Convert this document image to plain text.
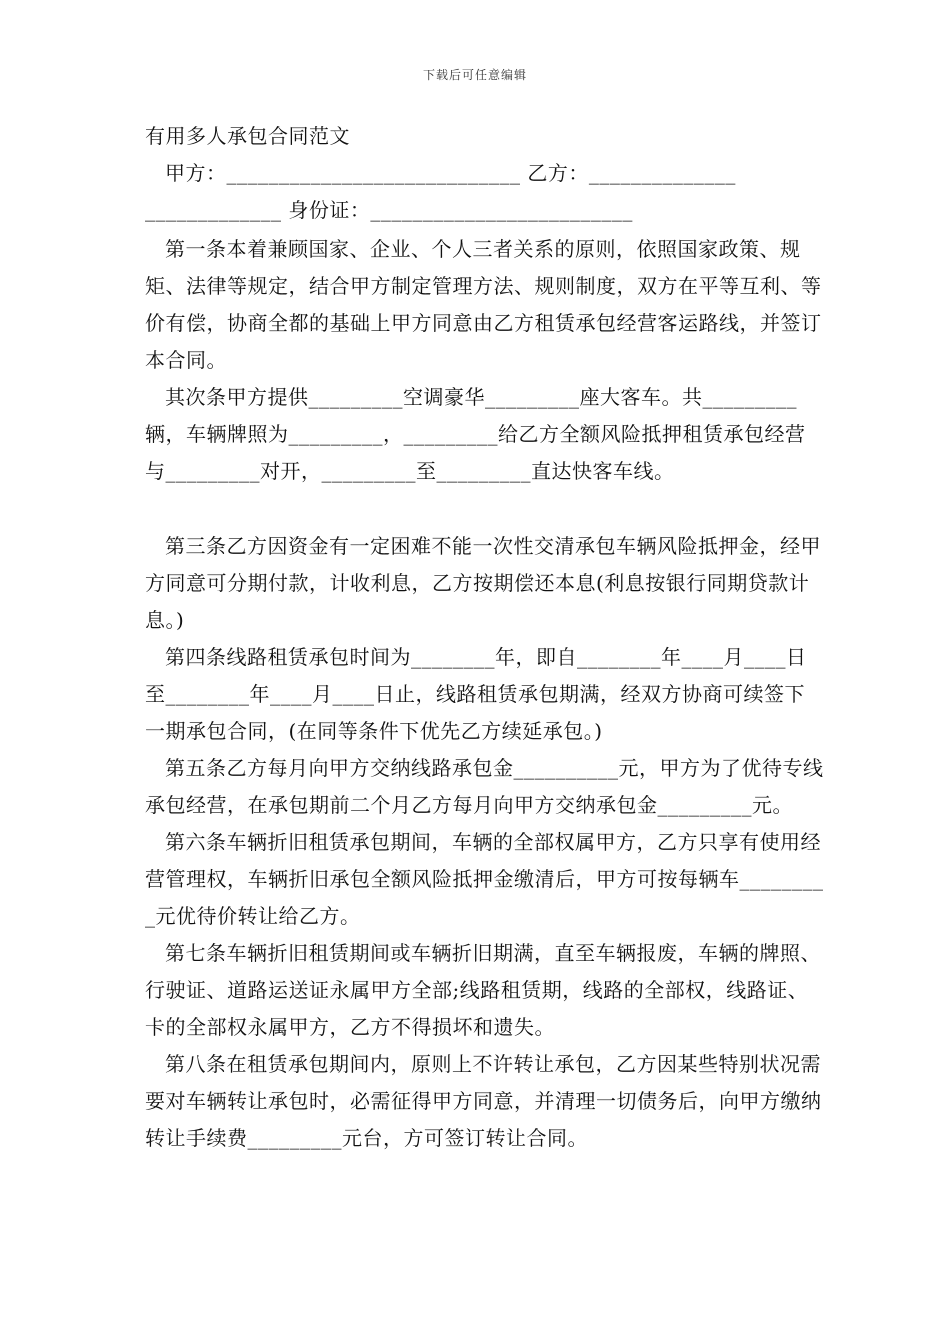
下载后可任意编辑

有用多人承包合同范文

甲方：____________________________ 乙方：______________

_____________ 身份证：_________________________

第一条本着兼顾国家、企业、个人三者关系的原则，依照国家政策、规矩、法律等规定，结合甲方制定管理方法、规则制度，双方在平等互利、等价有偿，协商全都的基础上甲方同意由乙方租赁承包经营客运路线，并签订本合同。

其次条甲方提供_________空调豪华_________座大客车。共_________辆，车辆牌照为_________，_________给乙方全额风险抵押租赁承包经营与_________对开，_________至_________直达快客车线。

第三条乙方因资金有一定困难不能一次性交清承包车辆风险抵押金，经甲方同意可分期付款，计收利息，乙方按期偿还本息(利息按银行同期贷款计息。)

第四条线路租赁承包时间为________年，即自________年____月____日至________年____月____日止，线路租赁承包期满，经双方协商可续签下一期承包合同，(在同等条件下优先乙方续延承包。)

第五条乙方每月向甲方交纳线路承包金__________元，甲方为了优待专线承包经营，在承包期前二个月乙方每月向甲方交纳承包金_________元。

第六条车辆折旧租赁承包期间，车辆的全部权属甲方，乙方只享有使用经营管理权，车辆折旧承包全额风险抵押金缴清后，甲方可按每辆车_________元优待价转让给乙方。

第七条车辆折旧租赁期间或车辆折旧期满，直至车辆报废，车辆的牌照、行驶证、道路运送证永属甲方全部;线路租赁期，线路的全部权，线路证、卡的全部权永属甲方，乙方不得损坏和遗失。

第八条在租赁承包期间内，原则上不许转让承包，乙方因某些特别状况需要对车辆转让承包时，必需征得甲方同意，并清理一切债务后，向甲方缴纳转让手续费_________元台，方可签订转让合同。
